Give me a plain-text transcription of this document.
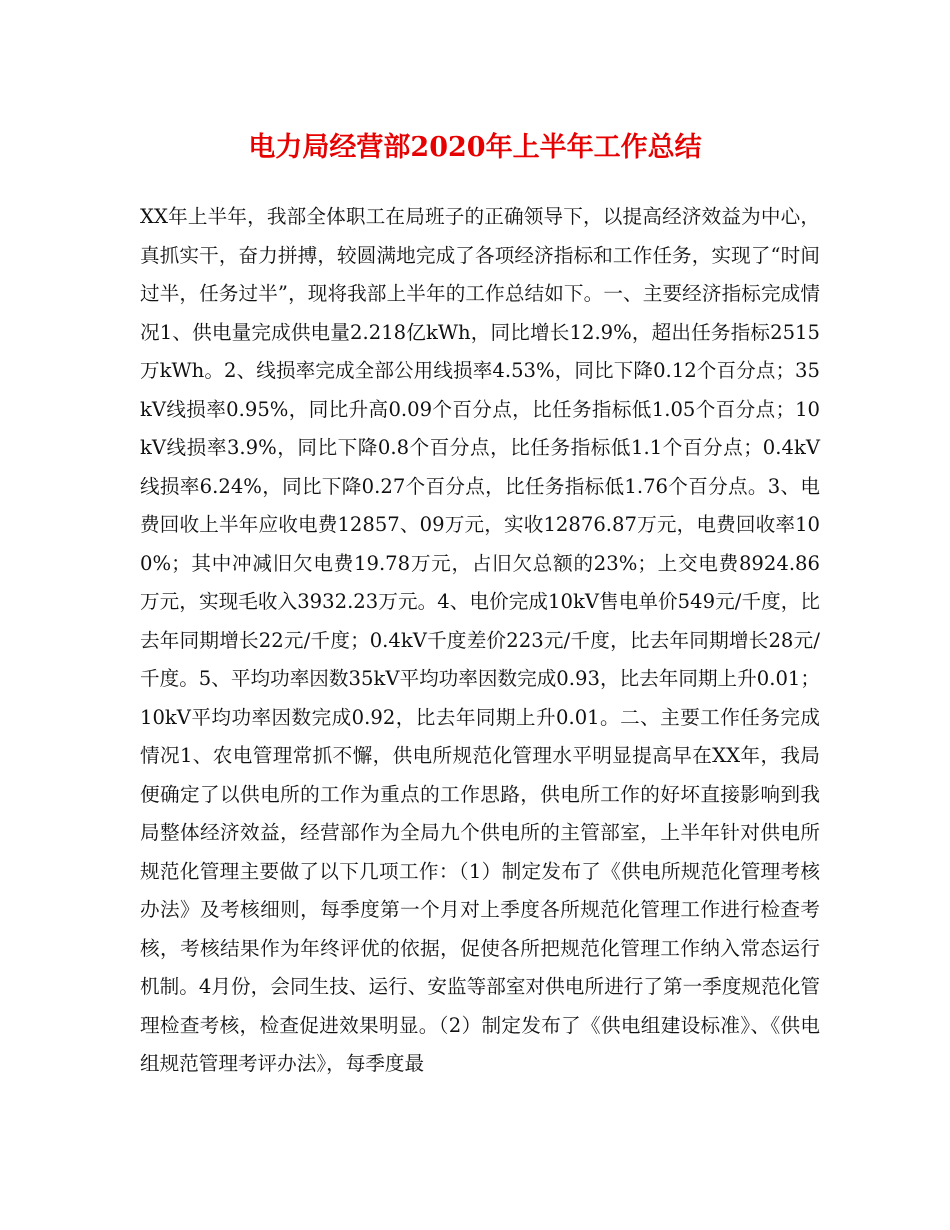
电力局经营部2020年上半年工作总结

XX年上半年，我部全体职工在局班子的正确领导下，以提高经济效益为中心，真抓实干，奋力拼搏，较圆满地完成了各项经济指标和工作任务，实现了“时间过半，任务过半”，现将我部上半年的工作总结如下。一、主要经济指标完成情况1、供电量完成供电量2.218亿kWh，同比增长12.9%，超出任务指标2515万kWh。2、线损率完成全部公用线损率4.53%，同比下降0.12个百分点；35kV线损率0.95%，同比升高0.09个百分点，比任务指标低1.05个百分点；10kV线损率3.9%，同比下降0.8个百分点，比任务指标低1.1个百分点；0.4kV线损率6.24%，同比下降0.27个百分点，比任务指标低1.76个百分点。3、电费回收上半年应收电费12857、09万元，实收12876.87万元，电费回收率100%；其中冲减旧欠电费19.78万元，占旧欠总额的23%；上交电费8924.86万元，实现毛收入3932.23万元。4、电价完成10kV售电单价549元/千度，比去年同期增长22元/千度；0.4kV千度差价223元/千度，比去年同期增长28元/千度。5、平均功率因数35kV平均功率因数完成0.93，比去年同期上升0.01；10kV平均功率因数完成0.92，比去年同期上升0.01。二、主要工作任务完成情况1、农电管理常抓不懈，供电所规范化管理水平明显提高早在XX年，我局便确定了以供电所的工作为重点的工作思路，供电所工作的好坏直接影响到我局整体经济效益，经营部作为全局九个供电所的主管部室，上半年针对供电所规范化管理主要做了以下几项工作：（1）制定发布了《供电所规范化管理考核办法》及考核细则，每季度第一个月对上季度各所规范化管理工作进行检查考核，考核结果作为年终评优的依据，促使各所把规范化管理工作纳入常态运行机制。4月份，会同生技、运行、安监等部室对供电所进行了第一季度规范化管理检查考核，检查促进效果明显。（2）制定发布了《供电组建设标准》、《供电组规范管理考评办法》，每季度最
